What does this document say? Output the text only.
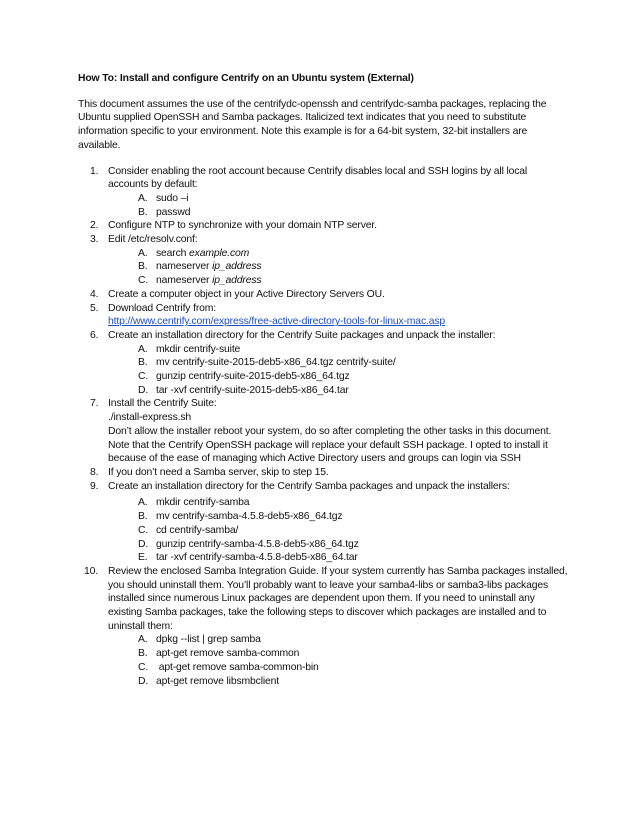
How To: Install and configure Centrify on an Ubuntu system (External)

This document assumes the use of the centrifydc-openssh and centrifydc-samba packages, replacing the Ubuntu supplied OpenSSH and Samba packages. Italicized text indicates that you need to substitute information specific to your environment. Note this example is for a 64-bit system, 32-bit installers are available.

1. Consider enabling the root account because Centrify disables local and SSH logins by all local accounts by default:
A. sudo –i
B. passwd
2. Configure NTP to synchronize with your domain NTP server.
3. Edit /etc/resolv.conf:
A. search example.com
B. nameserver ip_address
C. nameserver ip_address
4. Create a computer object in your Active Directory Servers OU.
5. Download Centrify from:
http://www.centrify.com/express/free-active-directory-tools-for-linux-mac.asp
6. Create an installation directory for the Centrify Suite packages and unpack the installer:
A. mkdir centrify-suite
B. mv centrify-suite-2015-deb5-x86_64.tgz centrify-suite/
C. gunzip centrify-suite-2015-deb5-x86_64.tgz
D. tar -xvf centrify-suite-2015-deb5-x86_64.tar
7. Install the Centrify Suite:
./install-express.sh
Don’t allow the installer reboot your system, do so after completing the other tasks in this document. Note that the Centrify OpenSSH package will replace your default SSH package. I opted to install it because of the ease of managing which Active Directory users and groups can login via SSH
8. If you don’t need a Samba server, skip to step 15.
9. Create an installation directory for the Centrify Samba packages and unpack the installers:
A. mkdir centrify-samba
B. mv centrify-samba-4.5.8-deb5-x86_64.tgz
C. cd centrify-samba/
D. gunzip centrify-samba-4.5.8-deb5-x86_64.tgz
E. tar -xvf centrify-samba-4.5.8-deb5-x86_64.tar
10. Review the enclosed Samba Integration Guide. If your system currently has Samba packages installed, you should uninstall them. You’ll probably want to leave your samba4-libs or samba3-libs packages installed since numerous Linux packages are dependent upon them. If you need to uninstall any existing Samba packages, take the following steps to discover which packages are installed and to uninstall them:
A. dpkg --list | grep samba
B. apt-get remove samba-common
C. apt-get remove samba-common-bin
D. apt-get remove libsmbclient
